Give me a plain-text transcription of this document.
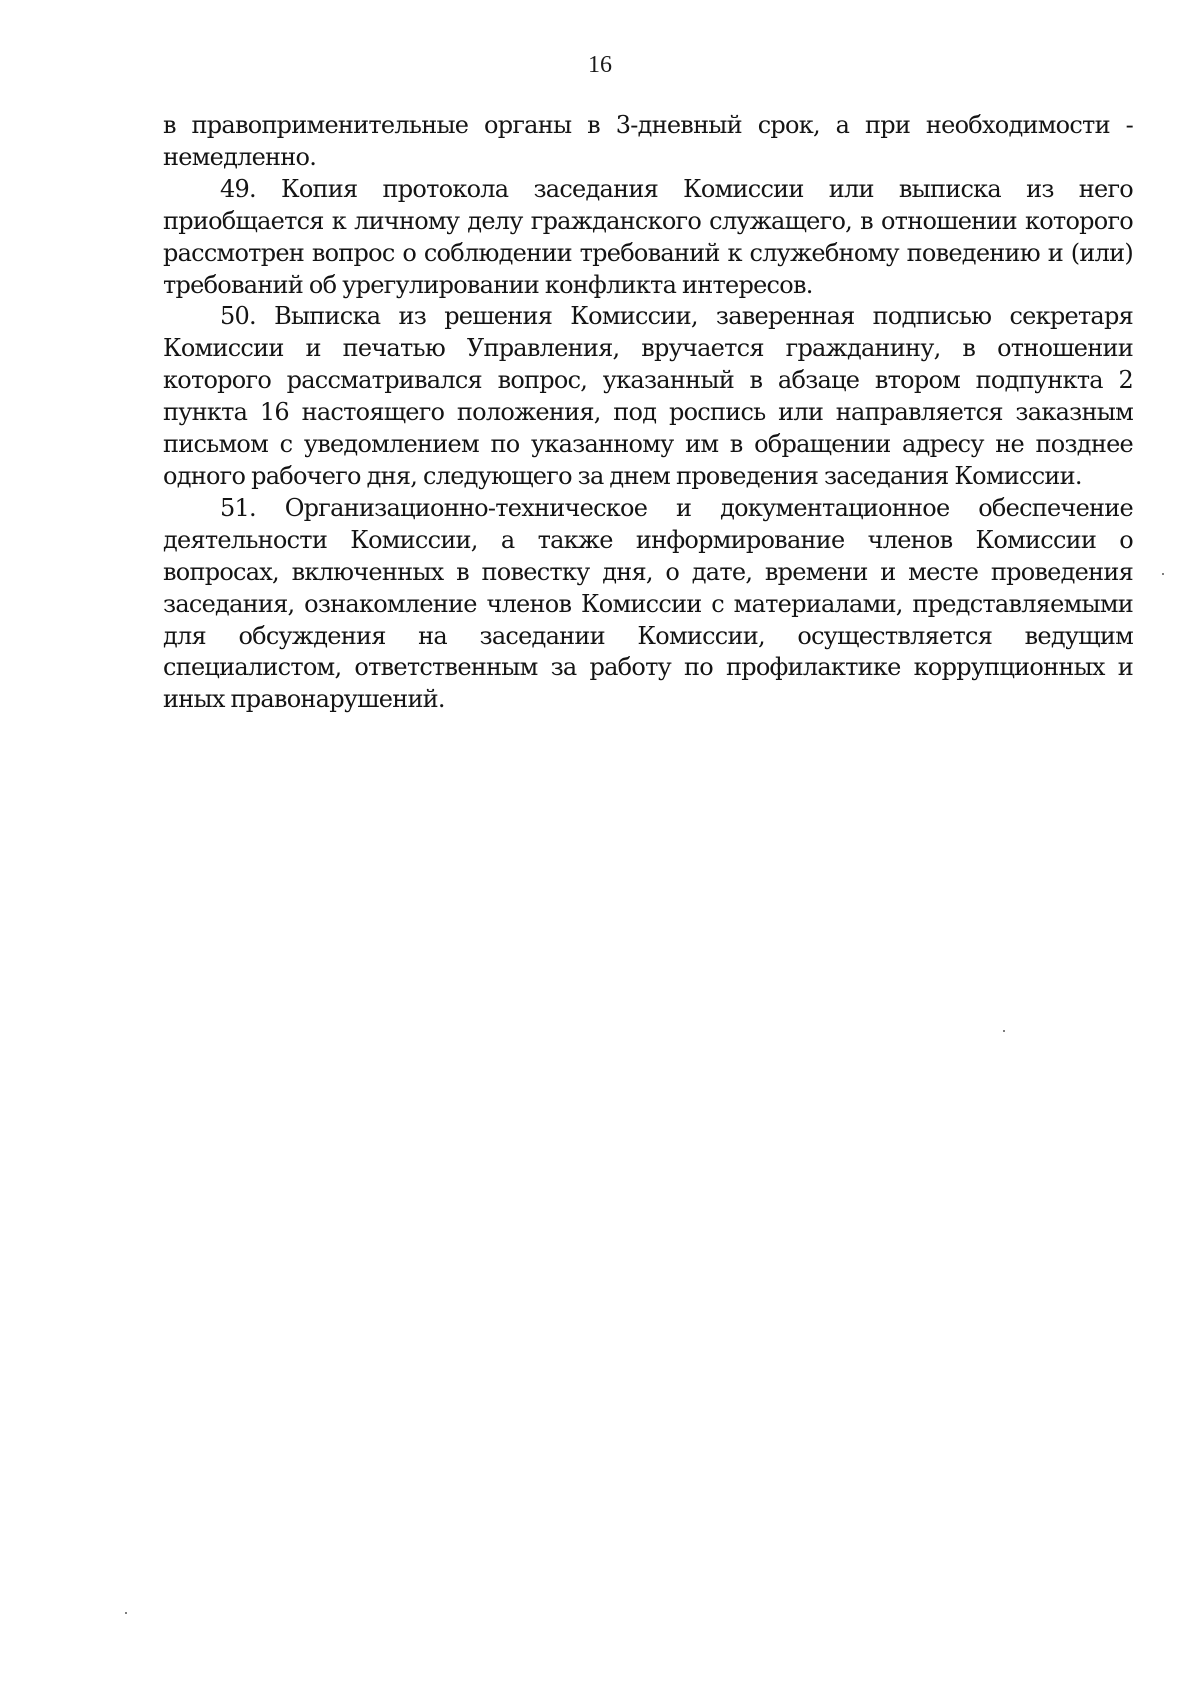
16

в правоприменительные органы в 3-дневный срок, а при необходимости - немедленно.

49. Копия протокола заседания Комиссии или выписка из него приобщается к личному делу гражданского служащего, в отношении которого рассмотрен вопрос о соблюдении требований к служебному поведению и (или) требований об урегулировании конфликта интересов.

50. Выписка из решения Комиссии, заверенная подписью секретаря Комиссии и печатью Управления, вручается гражданину, в отношении которого рассматривался вопрос, указанный в абзаце втором подпункта 2 пункта 16 настоящего положения, под роспись или направляется заказным письмом с уведомлением по указанному им в обращении адресу не позднее одного рабочего дня, следующего за днем проведения заседания Комиссии.

51. Организационно-техническое и документационное обеспечение деятельности Комиссии, а также информирование членов Комиссии о вопросах, включенных в повестку дня, о дате, времени и месте проведения заседания, ознакомление членов Комиссии с материалами, представляемыми для обсуждения на заседании Комиссии, осуществляется ведущим специалистом, ответственным за работу по профилактике коррупционных и иных правонарушений.
